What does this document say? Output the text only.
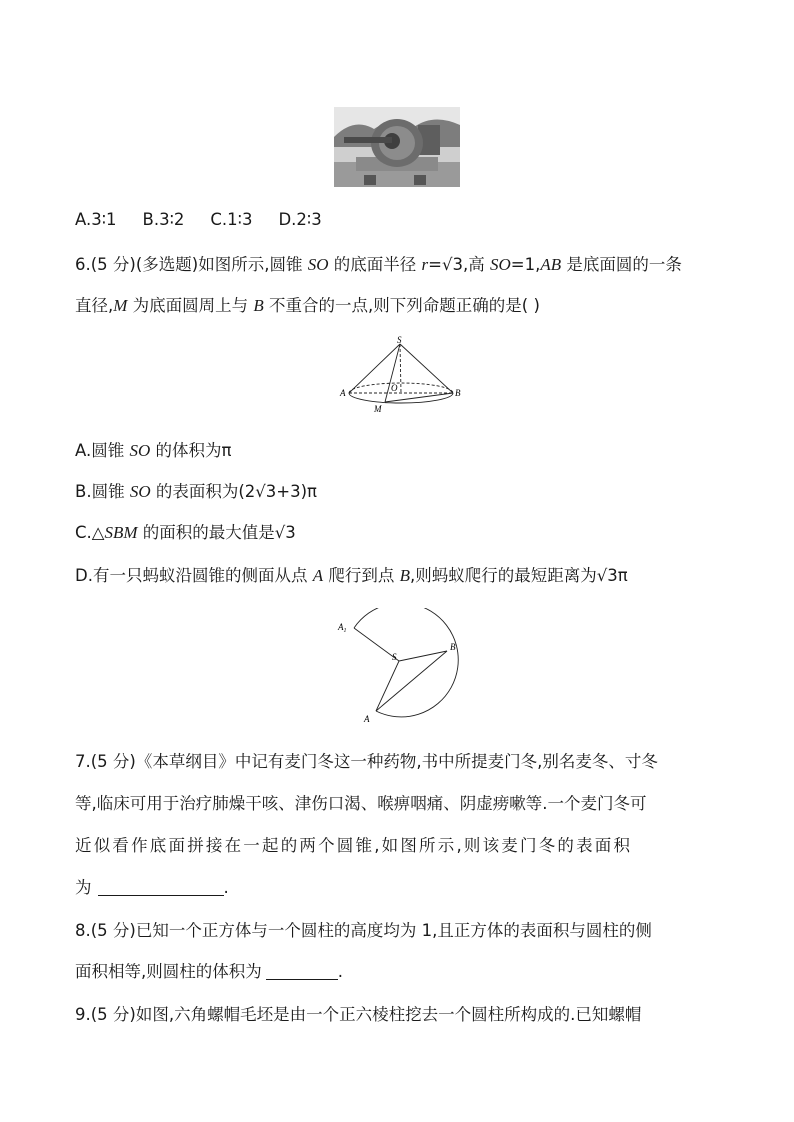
A.3∶1 B.3∶2 C.1∶3 D.2∶3
6.(5 分)(多选题)如图所示,圆锥 SO 的底面半径 r=√3,高 SO=1,AB 是底面圆的一条
直径,M 为底面圆周上与 B 不重合的一点,则下列命题正确的是( )
S
A	B
O
M
A.圆锥 SO 的体积为π
B.圆锥 SO 的表面积为(2√3+3)π
C.△SBM 的面积的最大值是√3
D.有一只蚂蚁沿圆锥的侧面从点 A 爬行到点 B,则蚂蚁爬行的最短距离为√3π
$A_1$
S
B
A
7.(5 分)《本草纲目》中记有麦门冬这一种药物,书中所提麦门冬,别名麦冬、寸冬
等,临床可用于治疗肺燥干咳、津伤口渴、喉痹咽痛、阴虚痨嗽等.一个麦门冬可
近似看作底面拼接在一起的两个圆锥,如图所示,则该麦门冬的表面积
为	.
8.(5 分)已知一个正方体与一个圆柱的高度均为 1,且正方体的表面积与圆柱的侧
面积相等,则圆柱的体积为	.
9.(5 分)如图,六角螺帽毛坯是由一个正六棱柱挖去一个圆柱所构成的.已知螺帽
